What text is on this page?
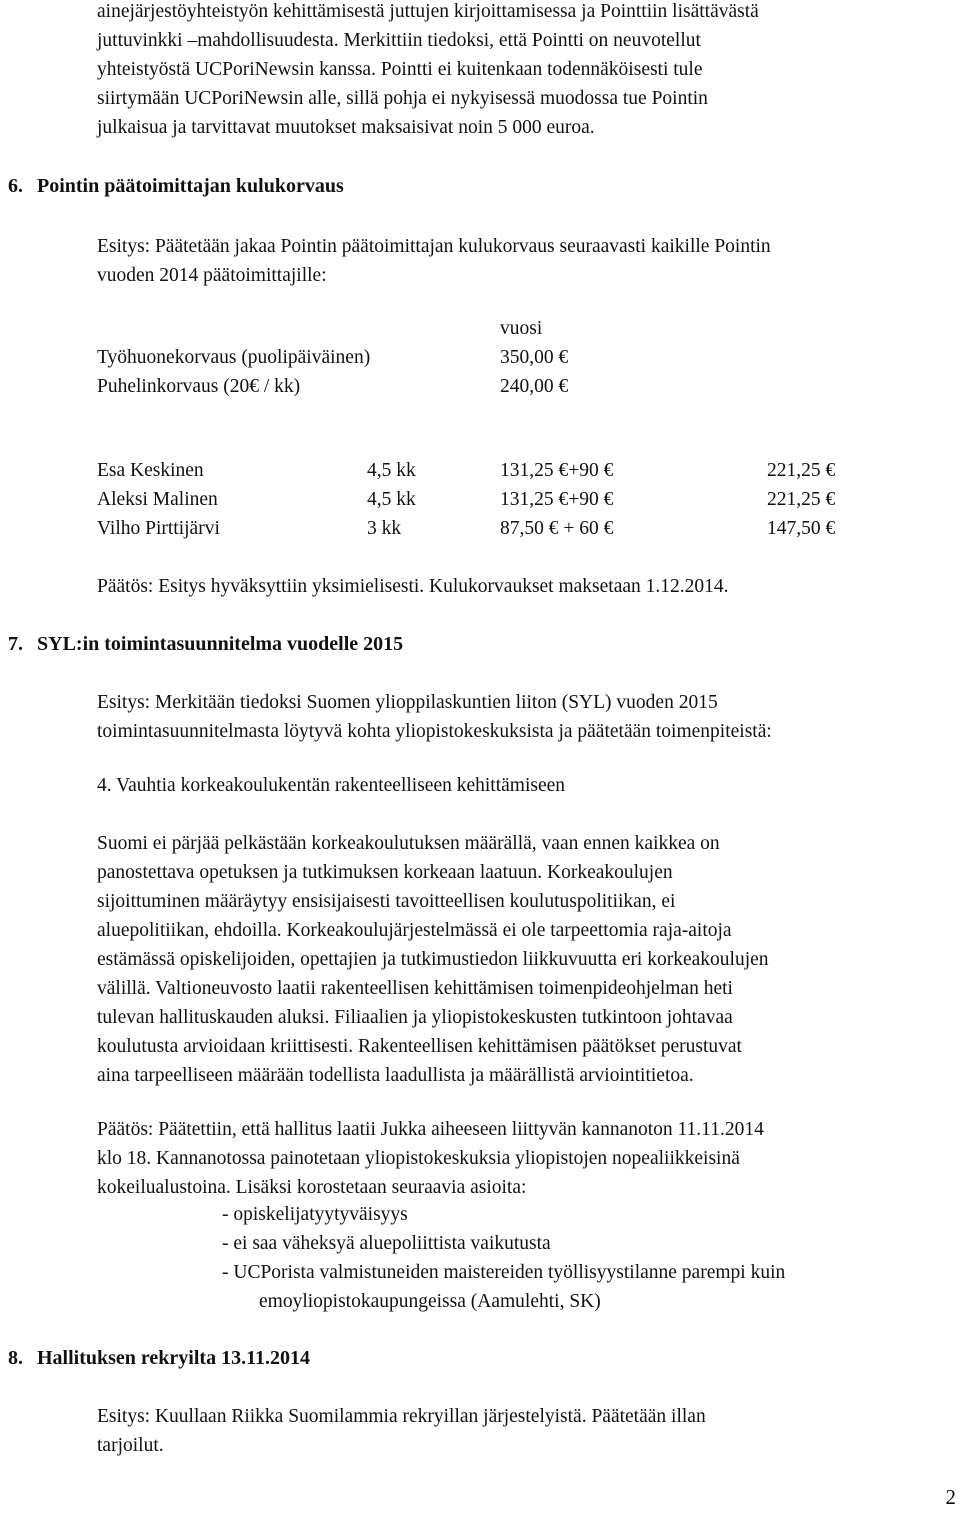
ainejärjestöyhteistyön kehittämisestä juttujen kirjoittamisessa ja Pointtiin lisättävästä
juttuvinkki –mahdollisuudesta. Merkittiin tiedoksi, että Pointti on neuvotellut
yhteistyöstä UCPoriNewsin kanssa. Pointti ei kuitenkaan todennäköisesti tule
siirtymään UCPoriNewsin alle, sillä pohja ei nykyisessä muodossa tue Pointin
julkaisua ja tarvittavat muutokset maksaisivat noin 5 000 euroa.
6. Pointin päätoimittajan kulukorvaus
Esitys: Päätetään jakaa Pointin päätoimittajan kulukorvaus seuraavasti kaikille Pointin
vuoden 2014 päätoimittajille:
vuosi
Työhuonekorvaus (puolipäiväinen)	350,00 €
Puhelinkorvaus (20€ / kk)	240,00 €
Esa Keskinen	4,5 kk	131,25 €+90 €	221,25 €
Aleksi Malinen	4,5 kk	131,25 €+90 €	221,25 €
Vilho Pirttijärvi	3 kk	87,50 € + 60 €	147,50 €
Päätös: Esitys hyväksyttiin yksimielisesti. Kulukorvaukset maksetaan 1.12.2014.
7. SYL:in toimintasuunnitelma vuodelle 2015
Esitys: Merkitään tiedoksi Suomen ylioppilaskuntien liiton (SYL) vuoden 2015
toimintasuunnitelmasta löytyvä kohta yliopistokeskuksista ja päätetään toimenpiteistä:
4. Vauhtia korkeakoulukentän rakenteelliseen kehittämiseen
Suomi ei pärjää pelkästään korkeakoulutuksen määrällä, vaan ennen kaikkea on
panostettava opetuksen ja tutkimuksen korkeaan laatuun. Korkeakoulujen
sijoittuminen määräytyy ensisijaisesti tavoitteellisen koulutuspolitiikan, ei
aluepolitiikan, ehdoilla. Korkeakoulujärjestelmässä ei ole tarpeettomia raja-aitoja
estämässä opiskelijoiden, opettajien ja tutkimustiedon liikkuvuutta eri korkeakoulujen
välillä. Valtioneuvosto laatii rakenteellisen kehittämisen toimenpideohjelman heti
tulevan hallituskauden aluksi. Filiaalien ja yliopistokeskusten tutkintoon johtavaa
koulutusta arvioidaan kriittisesti. Rakenteellisen kehittämisen päätökset perustuvat
aina tarpeelliseen määrään todellista laadullista ja määrällistä arviointitietoa.
Päätös: Päätettiin, että hallitus laatii Jukka aiheeseen liittyvän kannanoton 11.11.2014
klo 18. Kannanotossa painotetaan yliopistokeskuksia yliopistojen nopealiikkeisinä
kokeilualustoina. Lisäksi korostetaan seuraavia asioita:
- opiskelijatyytyväisyys
- ei saa väheksyä aluepoliittista vaikutusta
- UCPorista valmistuneiden maistereiden työllisyystilanne parempi kuin
emoyliopistokaupungeissa (Aamulehti, SK)
8. Hallituksen rekryilta 13.11.2014
Esitys: Kuullaan Riikka Suomilammia rekryillan järjestelyistä. Päätetään illan
tarjoilut.
2
